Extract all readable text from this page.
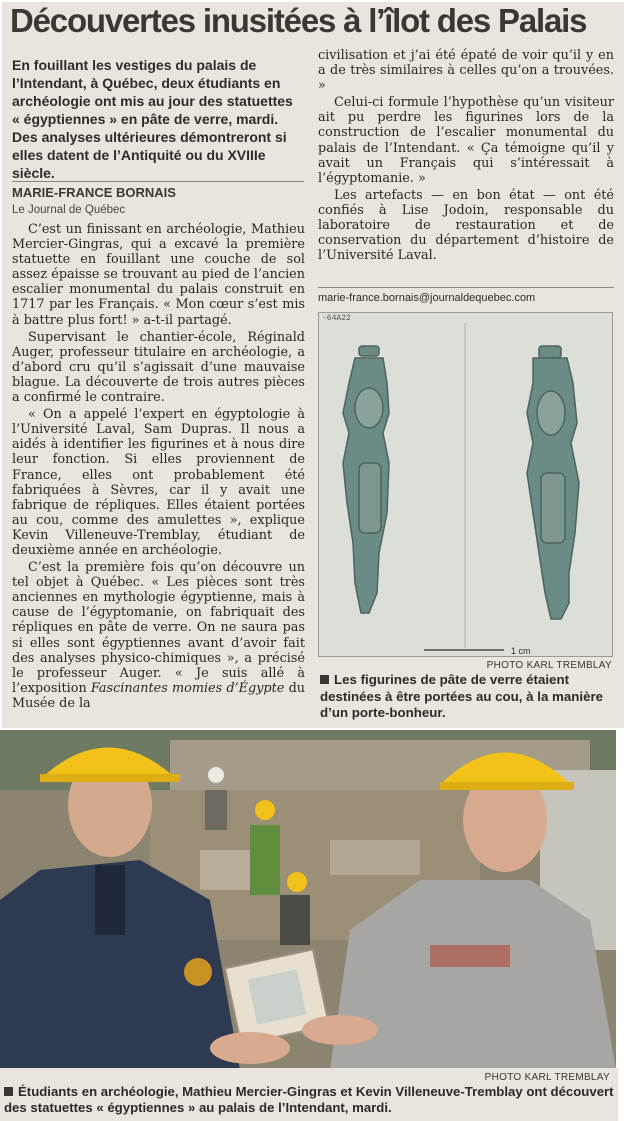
Découvertes inusitées à l’îlot des Palais
En fouillant les vestiges du palais de l’Intendant, à Québec, deux étudiants en archéologie ont mis au jour des statuettes « égyptiennes » en pâte de verre, mardi. Des analyses ultérieures démontreront si elles datent de l’Antiquité ou du XVIIIe siècle.
MARIE-FRANCE BORNAIS
Le Journal de Québec

C’est un finissant en archéologie, Mathieu Mercier-Gingras, qui a excavé la première statuette en fouillant une couche de sol assez épaisse se trouvant au pied de l’ancien escalier monumental du palais construit en 1717 par les Français. « Mon cœur s’est mis à battre plus fort! » a-t-il partagé.

Supervisant le chantier-école, Réginald Auger, professeur titulaire en archéologie, a d’abord cru qu’il s’agissait d’une mauvaise blague. La découverte de trois autres pièces a confirmé le contraire.

« On a appelé l’expert en égyptologie à l’Université Laval, Sam Dupras. Il nous a aidés à identifier les figurines et à nous dire leur fonction. Si elles proviennent de France, elles ont probablement été fabriquées à Sèvres, car il y avait une fabrique de répliques. Elles étaient portées au cou, comme des amulettes », explique Kevin Villeneuve-Tremblay, étudiant de deuxième année en archéologie.

C’est la première fois qu’on découvre un tel objet à Québec. « Les pièces sont très anciennes en mythologie égyptienne, mais à cause de l’égyptomanie, on fabriquait des répliques en pâte de verre. On ne saura pas si elles sont égyptiennes avant d’avoir fait des analyses physico-chimiques », a précisé le professeur Auger. « Je suis allé à l’exposition Fascinantes momies d’Égypte du Musée de la

civilisation et j’ai été épaté de voir qu’il y en a de très similaires à celles qu’on a trouvées. »

Celui-ci formule l’hypothèse qu’un visiteur ait pu perdre les figurines lors de la construction de l’escalier monumental du palais de l’Intendant. « Ça témoigne qu’il y avait un Français qui s’intéressait à l’égyptomanie. »

Les artefacts — en bon état — ont été confiés à Lise Jodoin, responsable du laboratoire de restauration et de conservation du département d’histoire de l’Université Laval.

marie-france.bornais@journaldequebec.com
-64A22
1 cm
PHOTO KARL TREMBLAY
Les figurines de pâte de verre étaient destinées à être portées au cou, à la manière d’un porte-bonheur.
PHOTO KARL TREMBLAY
Étudiants en archéologie, Mathieu Mercier-Gingras et Kevin Villeneuve-Tremblay ont découvert des statuettes « égyptiennes » au palais de l’Intendant, mardi.
